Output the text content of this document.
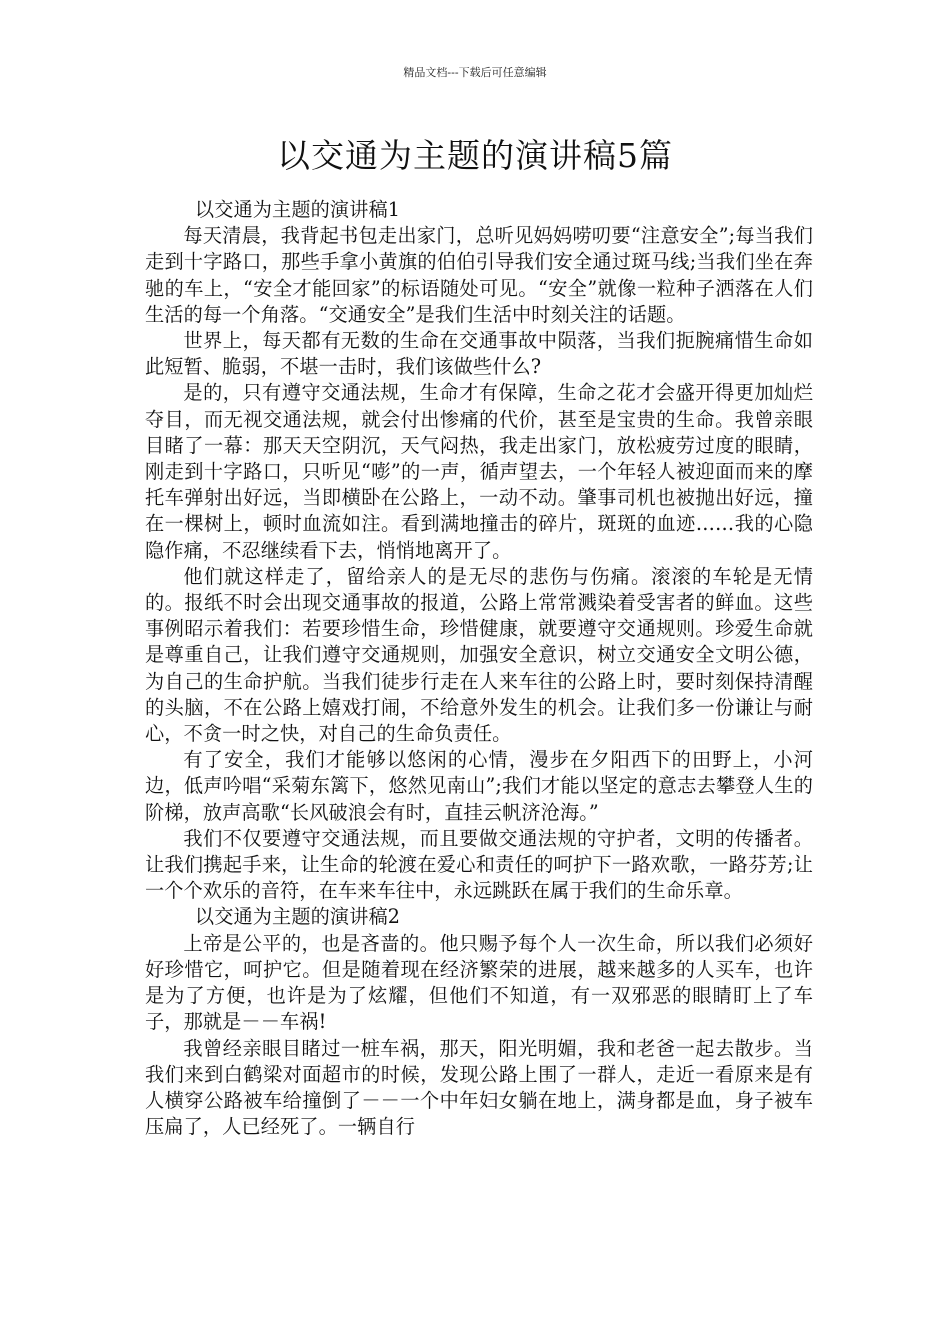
精品文档---下载后可任意编辑
以交通为主题的演讲稿5篇

以交通为主题的演讲稿1

每天清晨，我背起书包走出家门，总听见妈妈唠叨要“注意安全”;每当我们走到十字路口，那些手拿小黄旗的伯伯引导我们安全通过斑马线;当我们坐在奔驰的车上，“安全才能回家”的标语随处可见。“安全”就像一粒种子洒落在人们生活的每一个角落。“交通安全”是我们生活中时刻关注的话题。

世界上，每天都有无数的生命在交通事故中陨落，当我们扼腕痛惜生命如此短暂、脆弱，不堪一击时，我们该做些什么?

是的，只有遵守交通法规，生命才有保障，生命之花才会盛开得更加灿烂夺目，而无视交通法规，就会付出惨痛的代价，甚至是宝贵的生命。我曾亲眼目睹了一幕：那天天空阴沉，天气闷热，我走出家门，放松疲劳过度的眼睛，刚走到十字路口，只听见“嘭”的一声，循声望去，一个年轻人被迎面而来的摩托车弹射出好远，当即横卧在公路上，一动不动。肇事司机也被抛出好远，撞在一棵树上，顿时血流如注。看到满地撞击的碎片，斑斑的血迹……我的心隐隐作痛，不忍继续看下去，悄悄地离开了。

他们就这样走了，留给亲人的是无尽的悲伤与伤痛。滚滚的车轮是无情的。报纸不时会出现交通事故的报道，公路上常常溅染着受害者的鲜血。这些事例昭示着我们：若要珍惜生命，珍惜健康，就要遵守交通规则。珍爱生命就是尊重自己，让我们遵守交通规则，加强安全意识，树立交通安全文明公德，为自己的生命护航。当我们徒步行走在人来车往的公路上时，要时刻保持清醒的头脑，不在公路上嬉戏打闹，不给意外发生的机会。让我们多一份谦让与耐心，不贪一时之快，对自己的生命负责任。

有了安全，我们才能够以悠闲的心情，漫步在夕阳西下的田野上，小河边，低声吟唱“采菊东篱下，悠然见南山”;我们才能以坚定的意志去攀登人生的阶梯，放声高歌“长风破浪会有时，直挂云帆济沧海。”

我们不仅要遵守交通法规，而且要做交通法规的守护者，文明的传播者。让我们携起手来，让生命的轮渡在爱心和责任的呵护下一路欢歌，一路芬芳;让一个个欢乐的音符，在车来车往中，永远跳跃在属于我们的生命乐章。

以交通为主题的演讲稿2

上帝是公平的，也是吝啬的。他只赐予每个人一次生命，所以我们必须好好珍惜它，呵护它。但是随着现在经济繁荣的进展，越来越多的人买车，也许是为了方便，也许是为了炫耀，但他们不知道，有一双邪恶的眼睛盯上了车子，那就是－－车祸!

我曾经亲眼目睹过一桩车祸，那天，阳光明媚，我和老爸一起去散步。当我们来到白鹤梁对面超市的时候，发现公路上围了一群人，走近一看原来是有人横穿公路被车给撞倒了－－一个中年妇女躺在地上，满身都是血，身子被车压扁了，人已经死了。一辆自行
